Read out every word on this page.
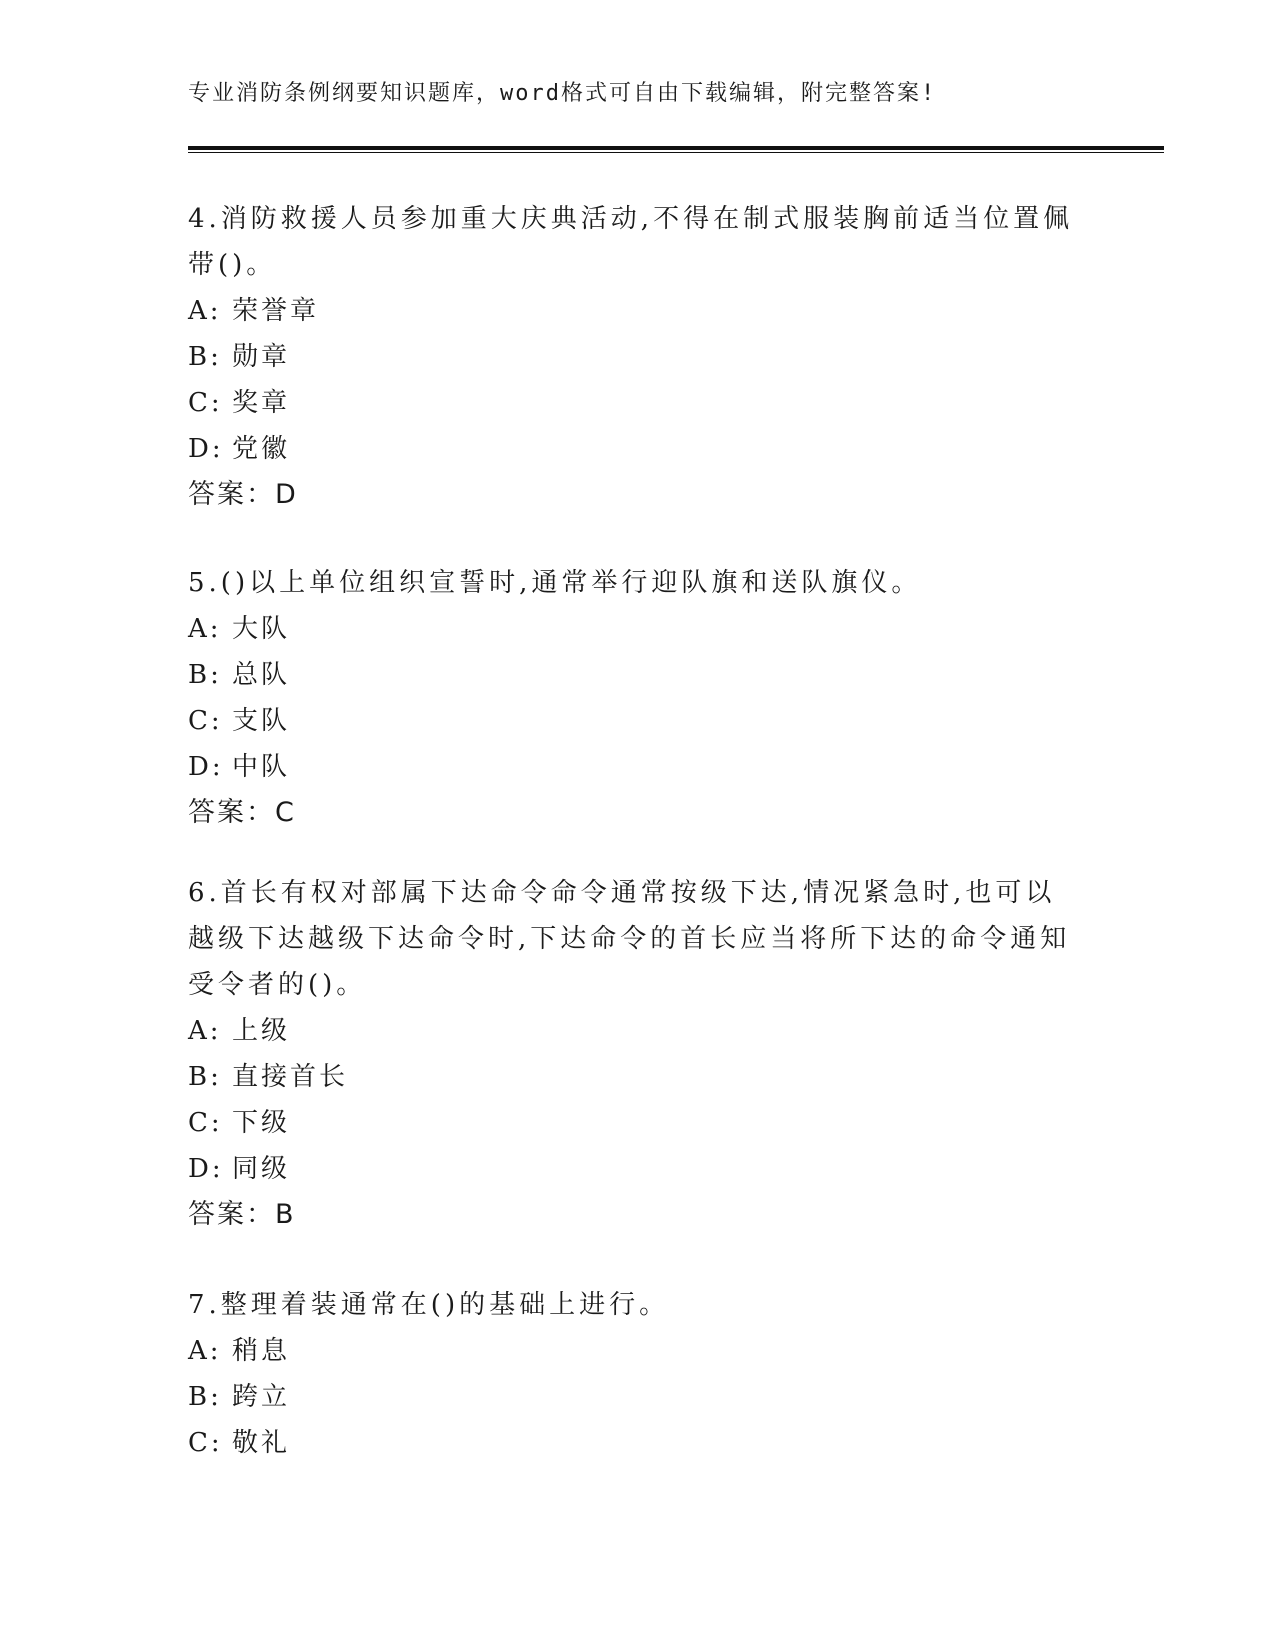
专业消防条例纲要知识题库，word格式可自由下载编辑，附完整答案!

4.消防救援人员参加重大庆典活动,不得在制式服装胸前适当位置佩带()。

A: 荣誉章
B: 勋章
C: 奖章
D: 党徽
答案：D

5.()以上单位组织宣誓时,通常举行迎队旗和送队旗仪。

A: 大队
B: 总队
C: 支队
D: 中队
答案：C

6.首长有权对部属下达命令命令通常按级下达,情况紧急时,也可以 越级下达越级下达命令时,下达命令的首长应当将所下达的命令通知受令者的()。

A: 上级
B: 直接首长
C: 下级
D: 同级
答案：B

7.整理着装通常在()的基础上进行。

A: 稍息
B: 跨立
C: 敬礼
